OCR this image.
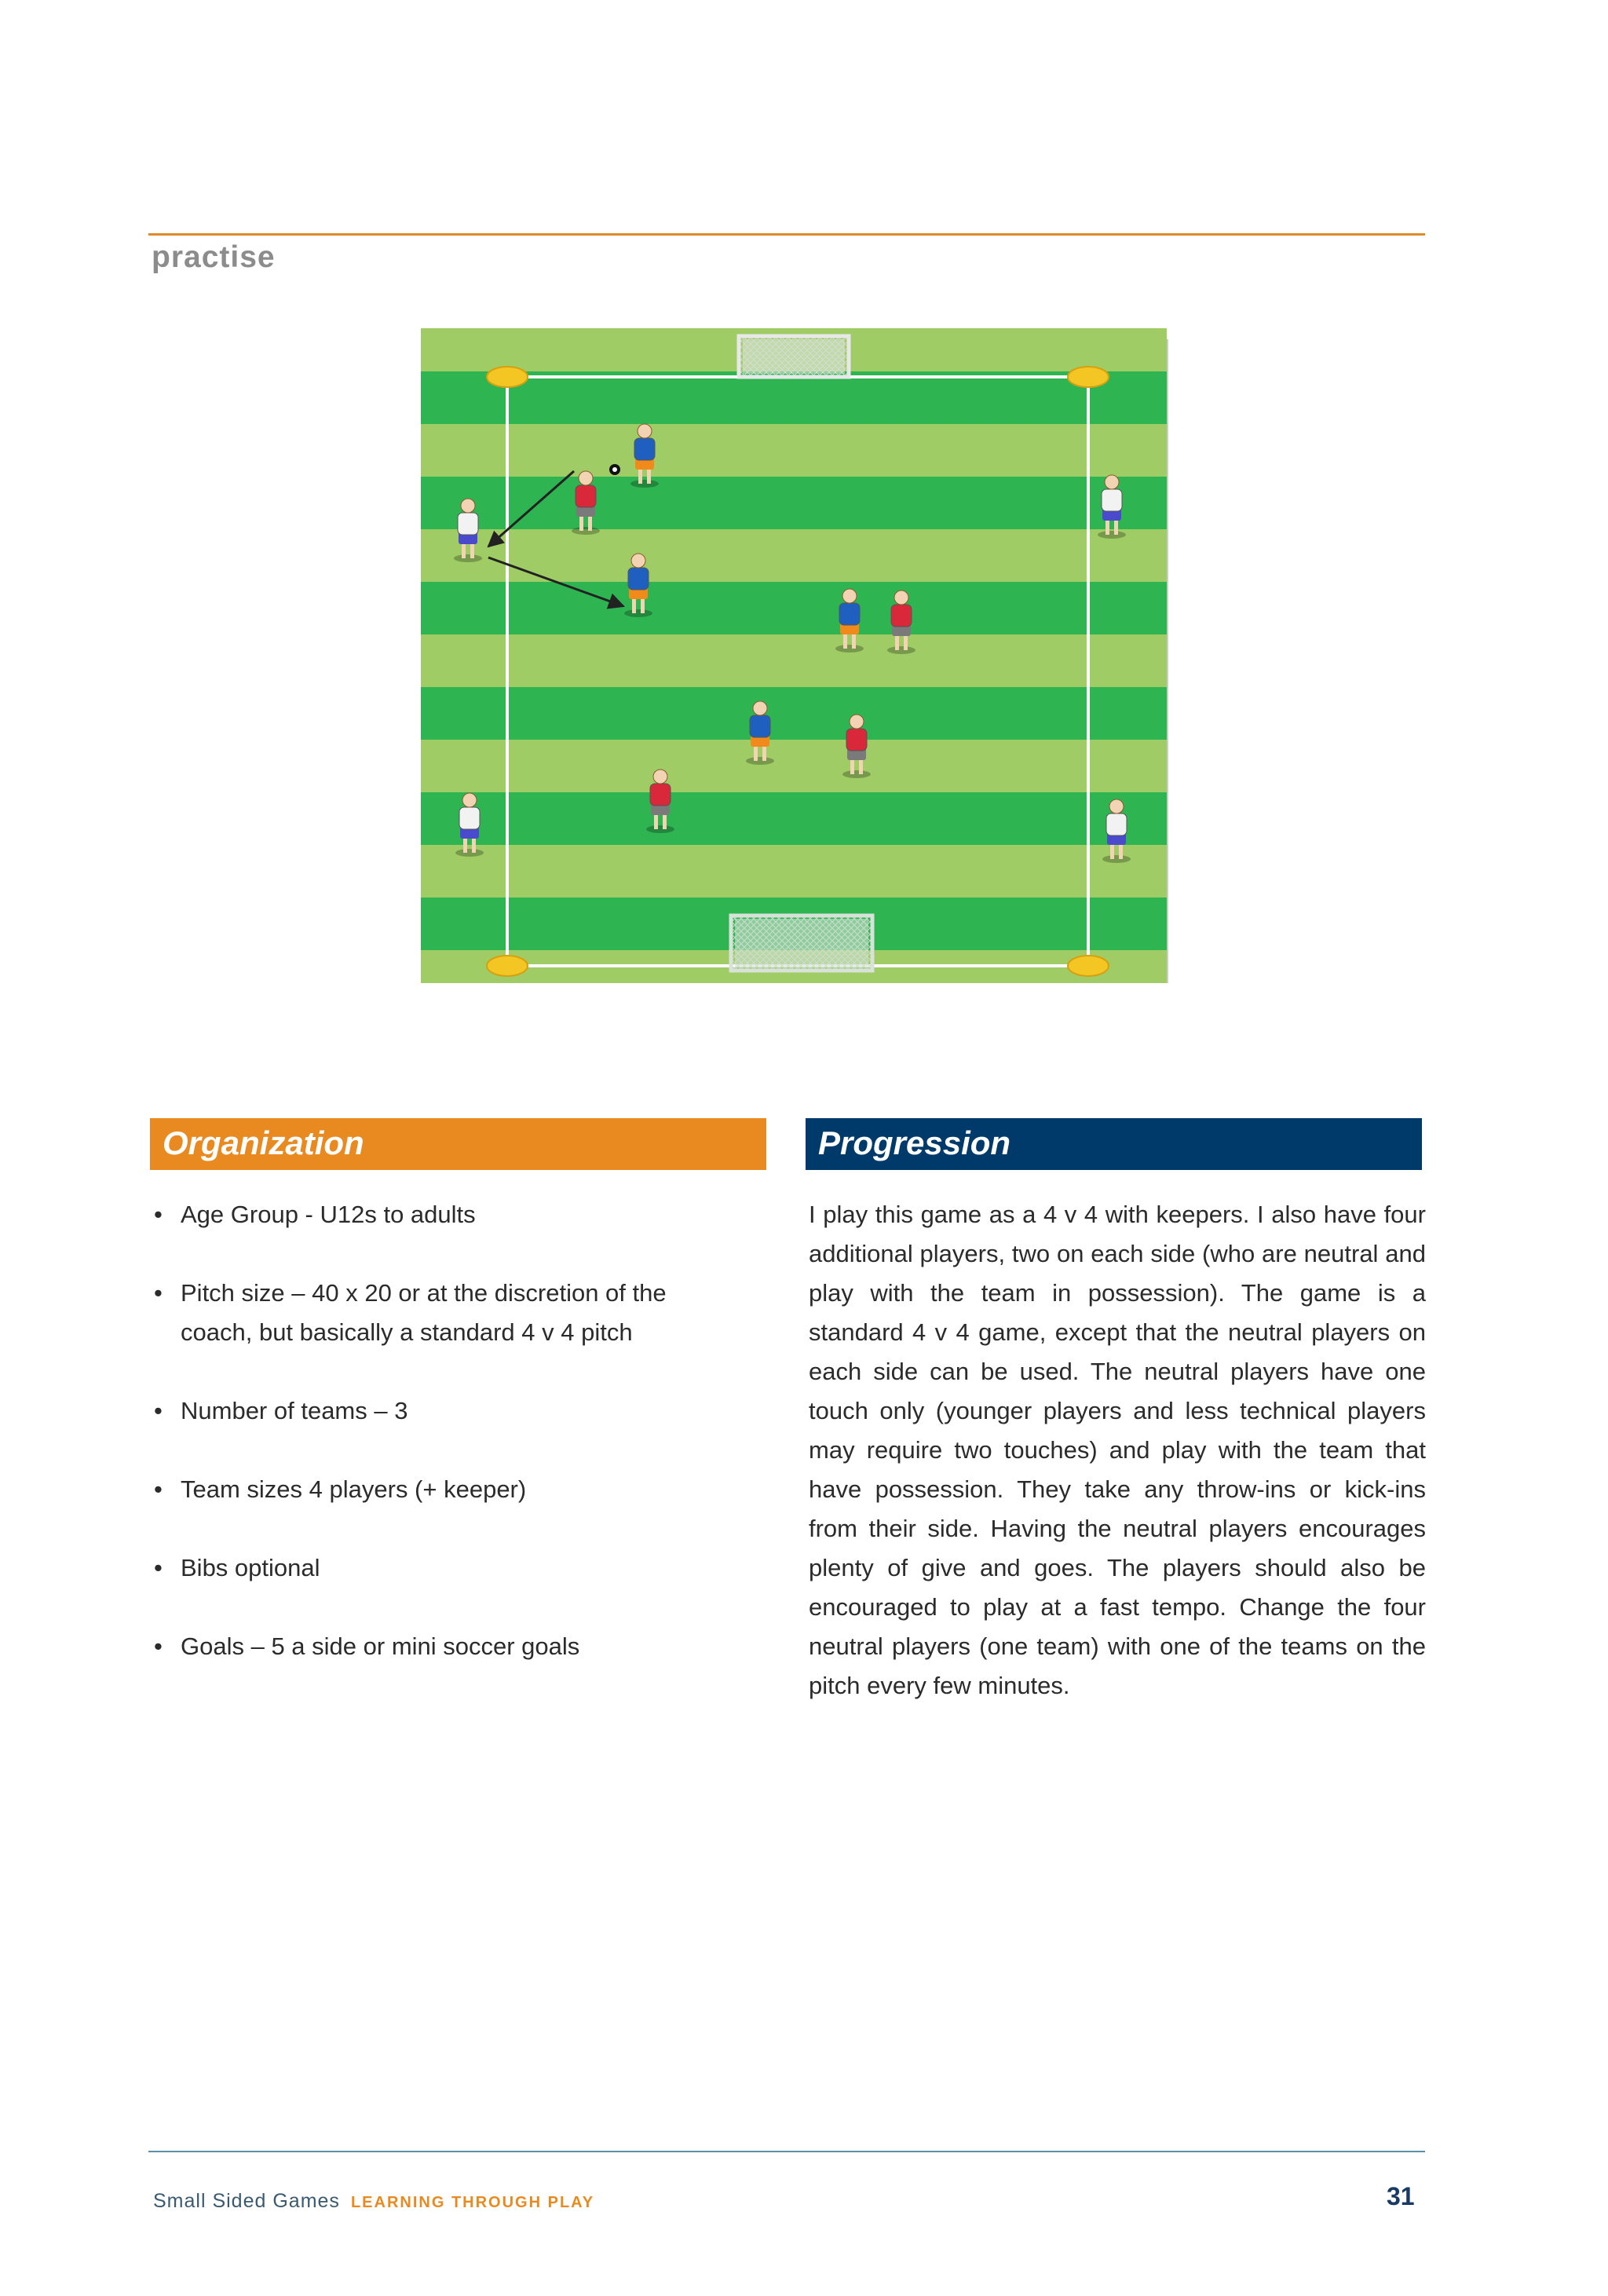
practise
Organization
• Age Group - U12s to adults
• Pitch size – 40 x 20 or at the discretion of the coach, but basically a standard 4 v 4 pitch
• Number of teams – 3
• Team sizes 4 players (+ keeper)
• Bibs optional
• Goals – 5 a side or mini soccer goals
Progression
I play this game as a 4 v 4 with keepers. I also have four additional players, two on each side (who are neutral and play with the team in possession). The game is a standard 4 v 4 game, except that the neutral players on each side can be used. The neutral players have one touch only (younger players and less technical players may require two touches) and play with the team that have possession. They take any throw-ins or kick-ins from their side. Having the neutral players encourages plenty of give and goes. The players should also be encouraged to play at a fast tempo. Change the four neutral players (one team) with one of the teams on the pitch every few minutes.
Small Sided Games LEARNING THROUGH PLAY	31
